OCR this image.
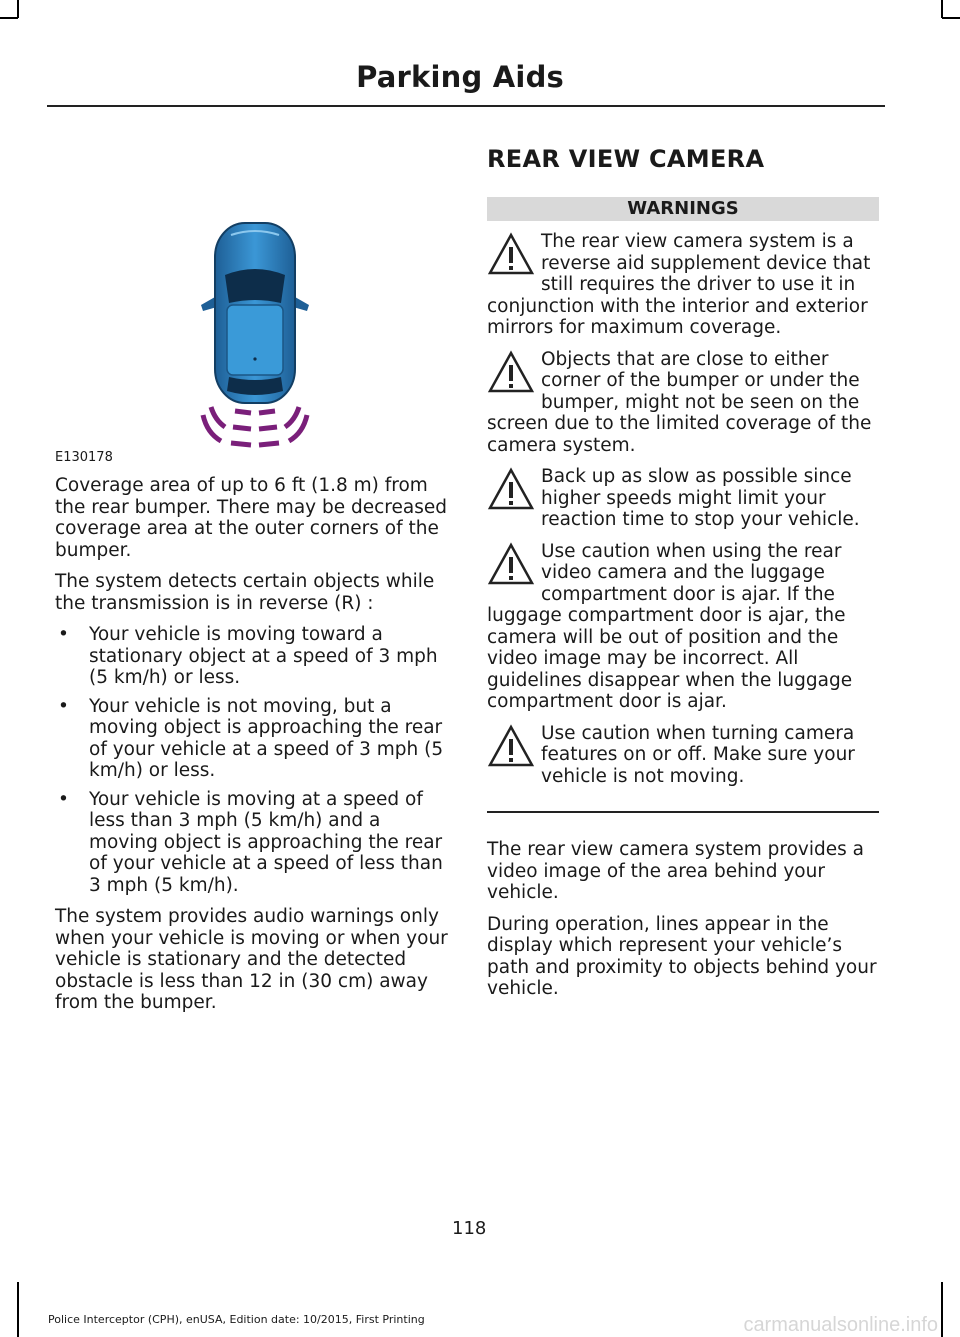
Parking Aids
E130178

Coverage area of up to 6 ft (1.8 m) from the rear bumper. There may be decreased coverage area at the outer corners of the bumper.

The system detects certain objects while the transmission is in reverse (R) :

• Your vehicle is moving toward a stationary object at a speed of 3 mph (5 km/h) or less.
• Your vehicle is not moving, but a moving object is approaching the rear of your vehicle at a speed of 3 mph (5 km/h) or less.
• Your vehicle is moving at a speed of less than 3 mph (5 km/h) and a moving object is approaching the rear of your vehicle at a speed of less than 3 mph (5 km/h).

The system provides audio warnings only when your vehicle is moving or when your vehicle is stationary and the detected obstacle is less than 12 in (30 cm) away from the bumper.

REAR VIEW CAMERA
WARNINGS
The rear view camera system is a reverse aid supplement device that still requires the driver to use it in conjunction with the interior and exterior mirrors for maximum coverage.
Objects that are close to either corner of the bumper or under the bumper, might not be seen on the screen due to the limited coverage of the camera system.
Back up as slow as possible since higher speeds might limit your reaction time to stop your vehicle.
Use caution when using the rear video camera and the luggage compartment door is ajar. If the luggage compartment door is ajar, the camera will be out of position and the video image may be incorrect. All guidelines disappear when the luggage compartment door is ajar.
Use caution when turning camera features on or off. Make sure your vehicle is not moving.

The rear view camera system provides a video image of the area behind your vehicle.

During operation, lines appear in the display which represent your vehicle’s path and proximity to objects behind your vehicle.

118
Police Interceptor (CPH), enUSA, Edition date: 10/2015, First Printing	carmanualsonline.info
